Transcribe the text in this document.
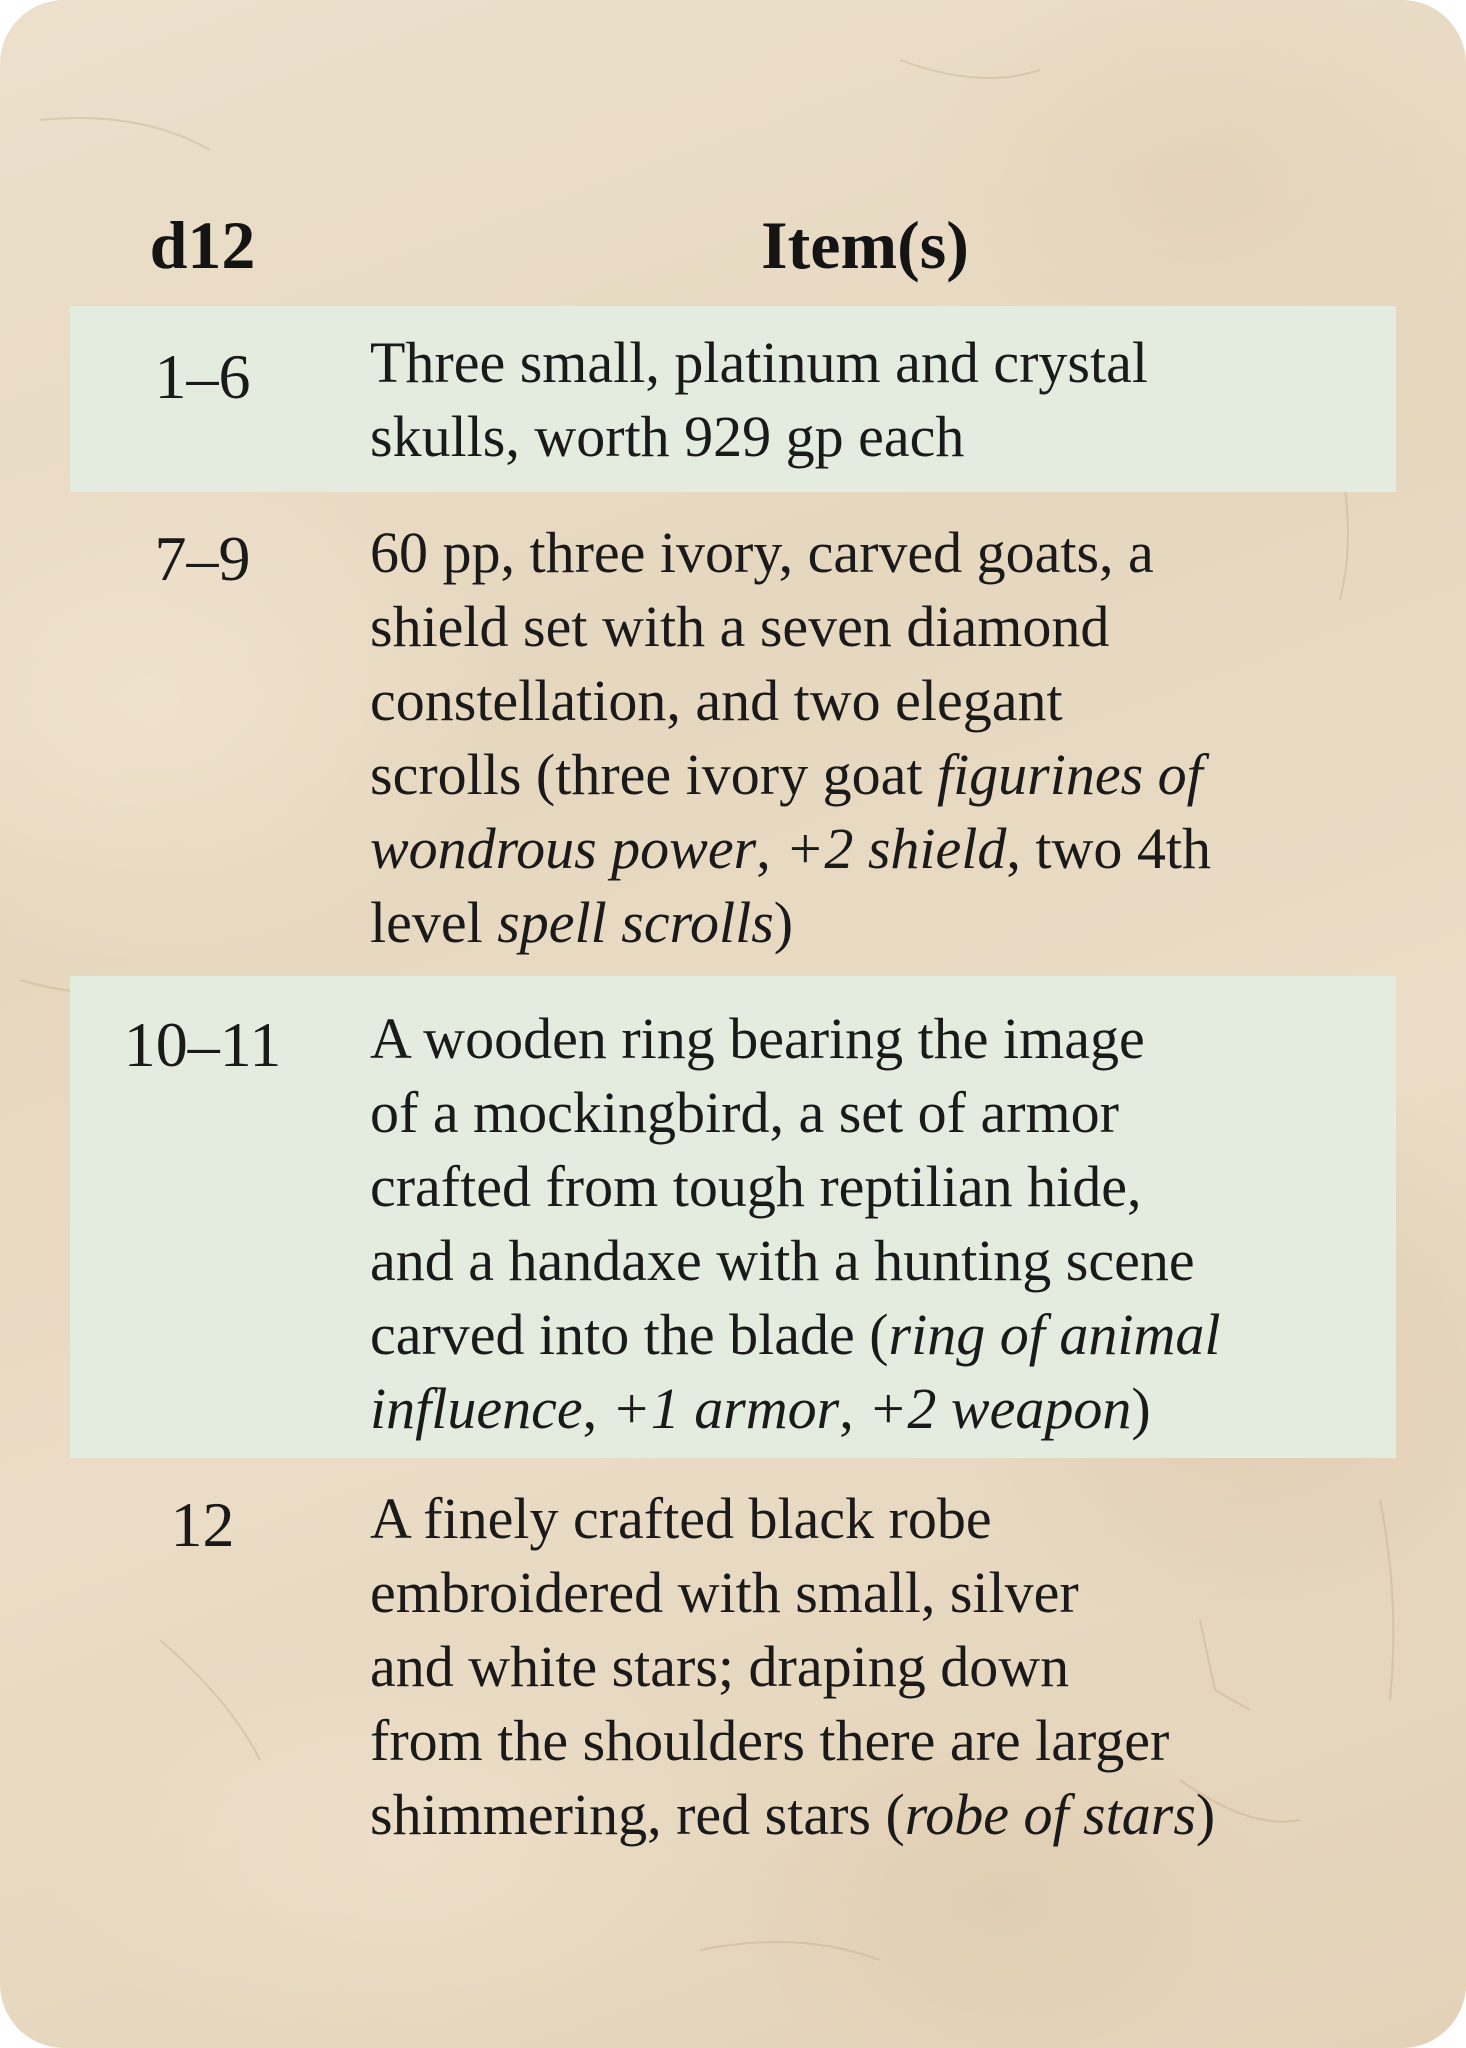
d12	Item(s)
1–6	Three small, platinum and crystal
skulls, worth 929 gp each

7–9	60 pp, three ivory, carved goats, a
shield set with a seven diamond
constellation, and two elegant
scrolls (three ivory goat figurines of
wondrous power, +2 shield, two 4th
level spell scrolls)

10–11	A wooden ring bearing the image
of a mockingbird, a set of armor
crafted from tough reptilian hide,
and a handaxe with a hunting scene
carved into the blade (ring of animal
influence, +1 armor, +2 weapon)

12	A finely crafted black robe
embroidered with small, silver
and white stars; draping down
from the shoulders there are larger
shimmering, red stars (robe of stars)
